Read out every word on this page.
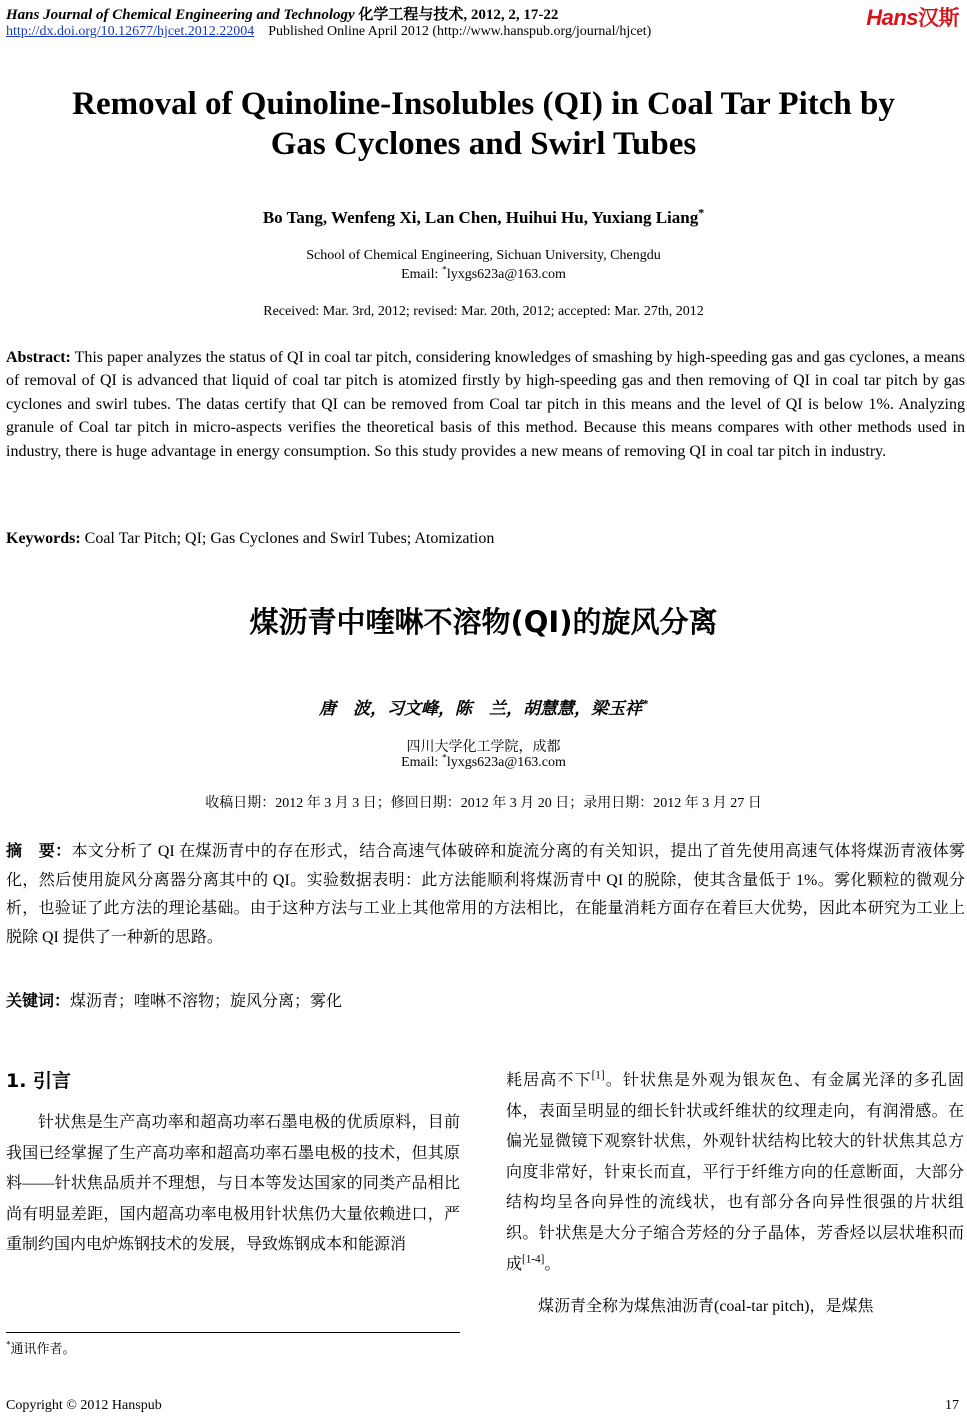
Hans Journal of Chemical Engineering and Technology 化学工程与技术, 2012, 2, 17-22
http://dx.doi.org/10.12677/hjcet.2012.22004 Published Online April 2012 (http://www.hanspub.org/journal/hjcet)
Hans汉斯
Removal of Quinoline-Insolubles (QI) in Coal Tar Pitch by
Gas Cyclones and Swirl Tubes
Bo Tang, Wenfeng Xi, Lan Chen, Huihui Hu, Yuxiang Liang*
School of Chemical Engineering, Sichuan University, Chengdu
Email: *lyxgs623a@163.com
Received: Mar. 3rd, 2012; revised: Mar. 20th, 2012; accepted: Mar. 27th, 2012
Abstract: This paper analyzes the status of QI in coal tar pitch, considering knowledges of smashing by high-speeding gas and gas cyclones, a means of removal of QI is advanced that liquid of coal tar pitch is atomized firstly by high-speeding gas and then removing of QI in coal tar pitch by gas cyclones and swirl tubes. The datas certify that QI can be removed from Coal tar pitch in this means and the level of QI is below 1%. Analyzing granule of Coal tar pitch in micro-aspects verifies the theoretical basis of this method. Because this means compares with other methods used in industry, there is huge advantage in energy consumption. So this study provides a new means of removing QI in coal tar pitch in industry.
Keywords: Coal Tar Pitch; QI; Gas Cyclones and Swirl Tubes; Atomization
煤沥青中喹啉不溶物(QI)的旋风分离
唐　波，习文峰，陈　兰，胡慧慧，梁玉祥*
四川大学化工学院，成都
Email: *lyxgs623a@163.com
收稿日期：2012 年 3 月 3 日；修回日期：2012 年 3 月 20 日；录用日期：2012 年 3 月 27 日
摘　要：本文分析了 QI 在煤沥青中的存在形式，结合高速气体破碎和旋流分离的有关知识，提出了首先使用高速气体将煤沥青液体雾化，然后使用旋风分离器分离其中的 QI。实验数据表明：此方法能顺利将煤沥青中 QI 的脱除，使其含量低于 1%。雾化颗粒的微观分析，也验证了此方法的理论基础。由于这种方法与工业上其他常用的方法相比，在能量消耗方面存在着巨大优势，因此本研究为工业上脱除 QI 提供了一种新的思路。
关键词：煤沥青；喹啉不溶物；旋风分离；雾化
1. 引言
针状焦是生产高功率和超高功率石墨电极的优质原料，目前我国已经掌握了生产高功率和超高功率石墨电极的技术，但其原料——针状焦品质并不理想，与日本等发达国家的同类产品相比尚有明显差距，国内超高功率电极用针状焦仍大量依赖进口，严重制约国内电炉炼钢技术的发展，导致炼钢成本和能源消

耗居高不下[1]。针状焦是外观为银灰色、有金属光泽的多孔固体，表面呈明显的细长针状或纤维状的纹理走向，有润滑感。在偏光显微镜下观察针状焦，外观针状结构比较大的针状焦其总方向度非常好，针束长而直，平行于纤维方向的任意断面，大部分结构均呈各向异性的流线状，也有部分各向异性很强的片状组织。针状焦是大分子缩合芳烃的分子晶体，芳香烃以层状堆积而成[1-4]。

煤沥青全称为煤焦油沥青(coal-tar pitch)，是煤焦

*通讯作者。
Copyright © 2012 Hanspub	17
